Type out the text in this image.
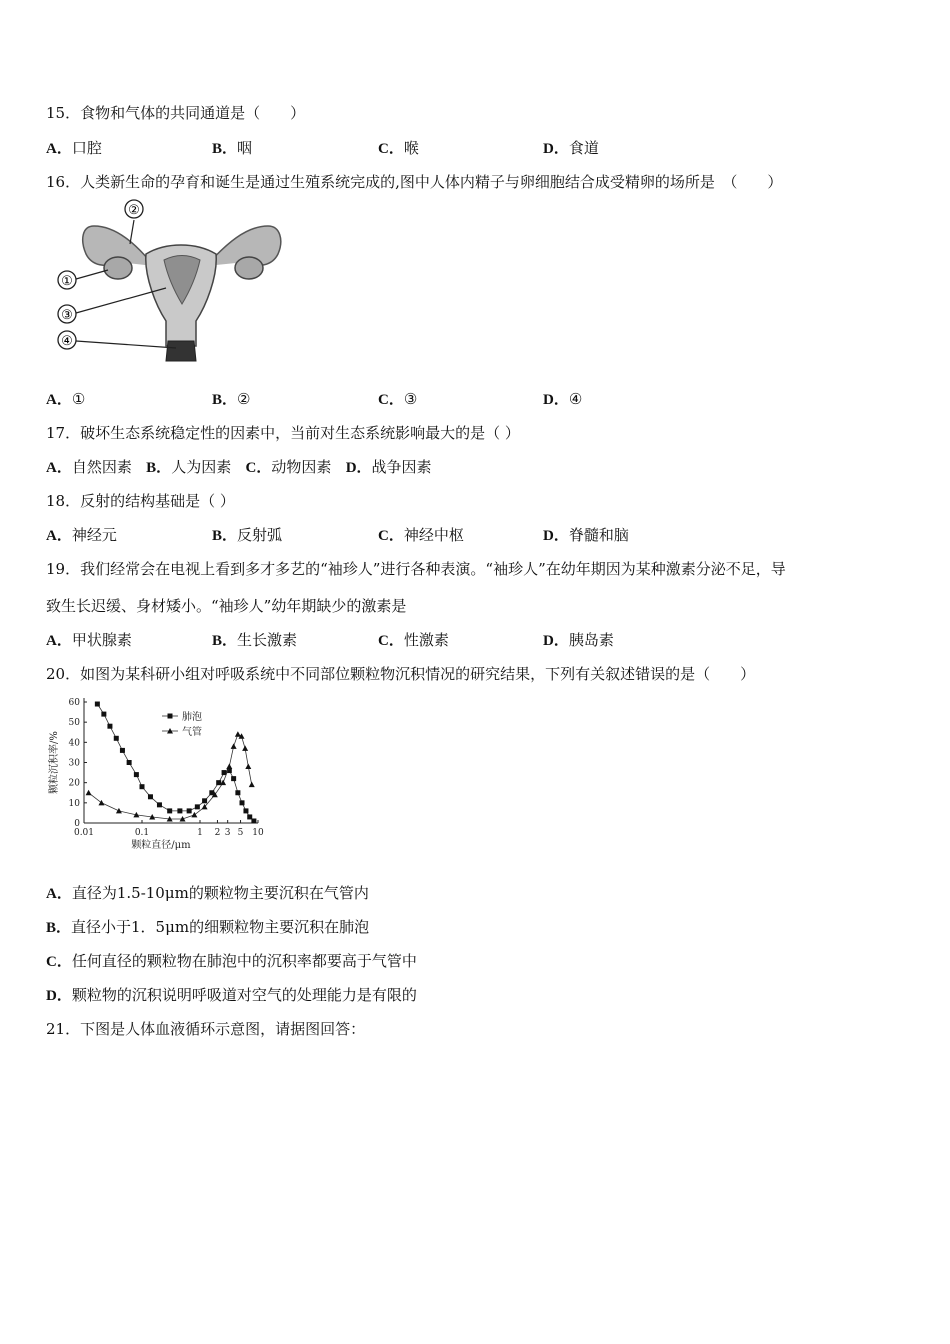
15．食物和气体的共同通道是（　　）
A．口腔	B．咽	C．喉	D．食道
16．人类新生命的孕育和诞生是通过生殖系统完成的,图中人体内精子与卵细胞结合成受精卵的场所是　（　　）
②
①
③
④
A．①	B．②	C．③	D．④
17．破坏生态系统稳定性的因素中，当前对生态系统影响最大的是（ ）
A．自然因素 B．人为因素 C．动物因素 D．战争因素
18．反射的结构基础是（ ）
A．神经元	B．反射弧	C．神经中枢	D．脊髓和脑
19．我们经常会在电视上看到多才多艺的“袖珍人”进行各种表演。“袖珍人”在幼年期因为某种激素分泌不足，导
致生长迟缓、身材矮小。“袖珍人”幼年期缺少的激素是
A．甲状腺素	B．生长激素	C．性激素	D．胰岛素
20．如图为某科研小组对呼吸系统中不同部位颗粒物沉积情况的研究结果，下列有关叙述错误的是（　　）
0
10
20
30
40
50
60
0.01	0.1	1 2 3 5 10
颗粒直径/μm
颗粒沉积率/%
肺泡
气管
A．直径为1.5-10μm的颗粒物主要沉积在气管内
B．直径小于1．5μm的细颗粒物主要沉积在肺泡
C．任何直径的颗粒物在肺泡中的沉积率都要高于气管中
D．颗粒物的沉积说明呼吸道对空气的处理能力是有限的
21．下图是人体血液循环示意图，请据图回答：
